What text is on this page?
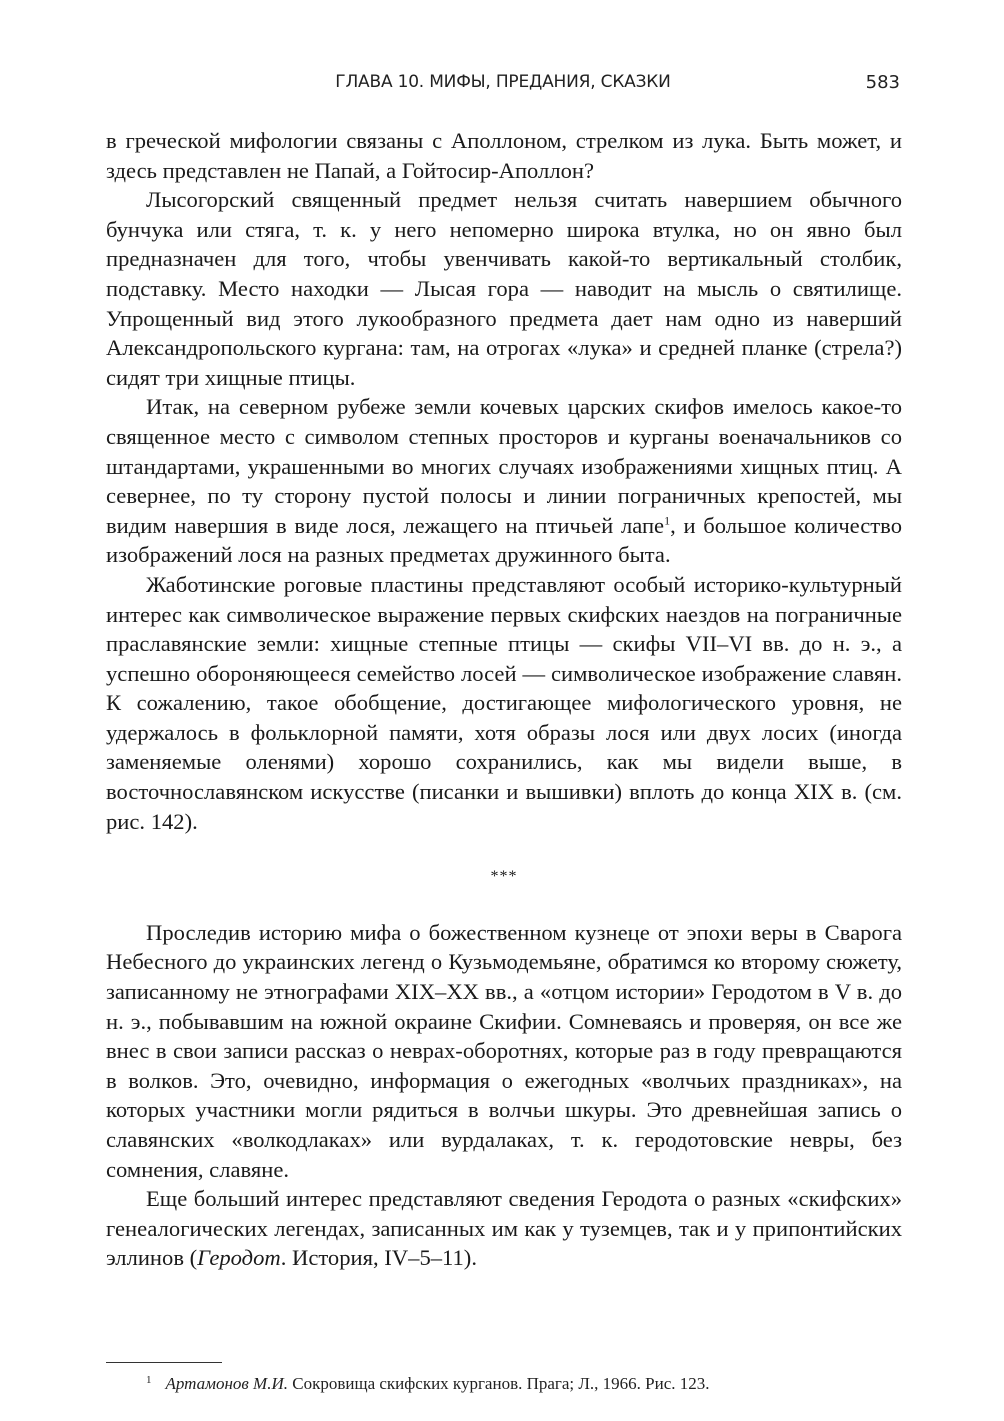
ГЛАВА 10. МИФЫ, ПРЕДАНИЯ, СКАЗКИ	583

в греческой мифологии связаны с Аполлоном, стрелком из лука. Быть может, и здесь представлен не Папай, а Гойтосир-Аполлон?

Лысогорский священный предмет нельзя считать навершием обычного бунчука или стяга, т. к. у него непомерно широка втулка, но он явно был предназначен для того, чтобы увенчивать какой-то вертикальный столбик, подставку. Место находки — Лысая гора — наводит на мысль о святилище. Упрощенный вид этого лукообразного предмета дает нам одно из наверший Александропольского кургана: там, на отрогах «лука» и средней планке (стрела?) сидят три хищные птицы.

Итак, на северном рубеже земли кочевых царских скифов имелось какое-то священное место с символом степных просторов и курганы военачальников со штандартами, украшенными во многих случаях изображениями хищных птиц. А севернее, по ту сторону пустой полосы и линии пограничных крепостей, мы видим навершия в виде лося, лежащего на птичьей лапе$^1$, и большое количество изображений лося на разных предметах дружинного быта.

Жаботинские роговые пластины представляют особый историко-культурный интерес как символическое выражение первых скифских наездов на пограничные праславянские земли: хищные степные птицы — скифы VII–VI вв. до н. э., а успешно обороняющееся семейство лосей — символическое изображение славян. К сожалению, такое обобщение, достигающее мифологического уровня, не удержалось в фольклорной памяти, хотя образы лося или двух лосих (иногда заменяемые оленями) хорошо сохранились, как мы видели выше, в восточнославянском искусстве (писанки и вышивки) вплоть до конца XIX в. (см. рис. 142).

***

Проследив историю мифа о божественном кузнеце от эпохи веры в Сварога Небесного до украинских легенд о Кузьмодемьяне, обратимся ко второму сюжету, записанному не этнографами XIX–XX вв., а «отцом истории» Геродотом в V в. до н. э., побывавшим на южной окраине Скифии. Сомневаясь и проверяя, он все же внес в свои записи рассказ о неврах-оборотнях, которые раз в году превращаются в волков. Это, очевидно, информация о ежегодных «волчьих праздниках», на которых участники могли рядиться в волчьи шкуры. Это древнейшая запись о славянских «волкодлаках» или вурдалаках, т. к. геродотовские невры, без сомнения, славяне.

Еще больший интерес представляют сведения Геродота о разных «скифских» генеалогических легендах, записанных им как у туземцев, так и у припонтийских эллинов (Геродот. История, IV–5–11).

$^1$ Артамонов М.И. Сокровища скифских курганов. Прага; Л., 1966. Рис. 123.
